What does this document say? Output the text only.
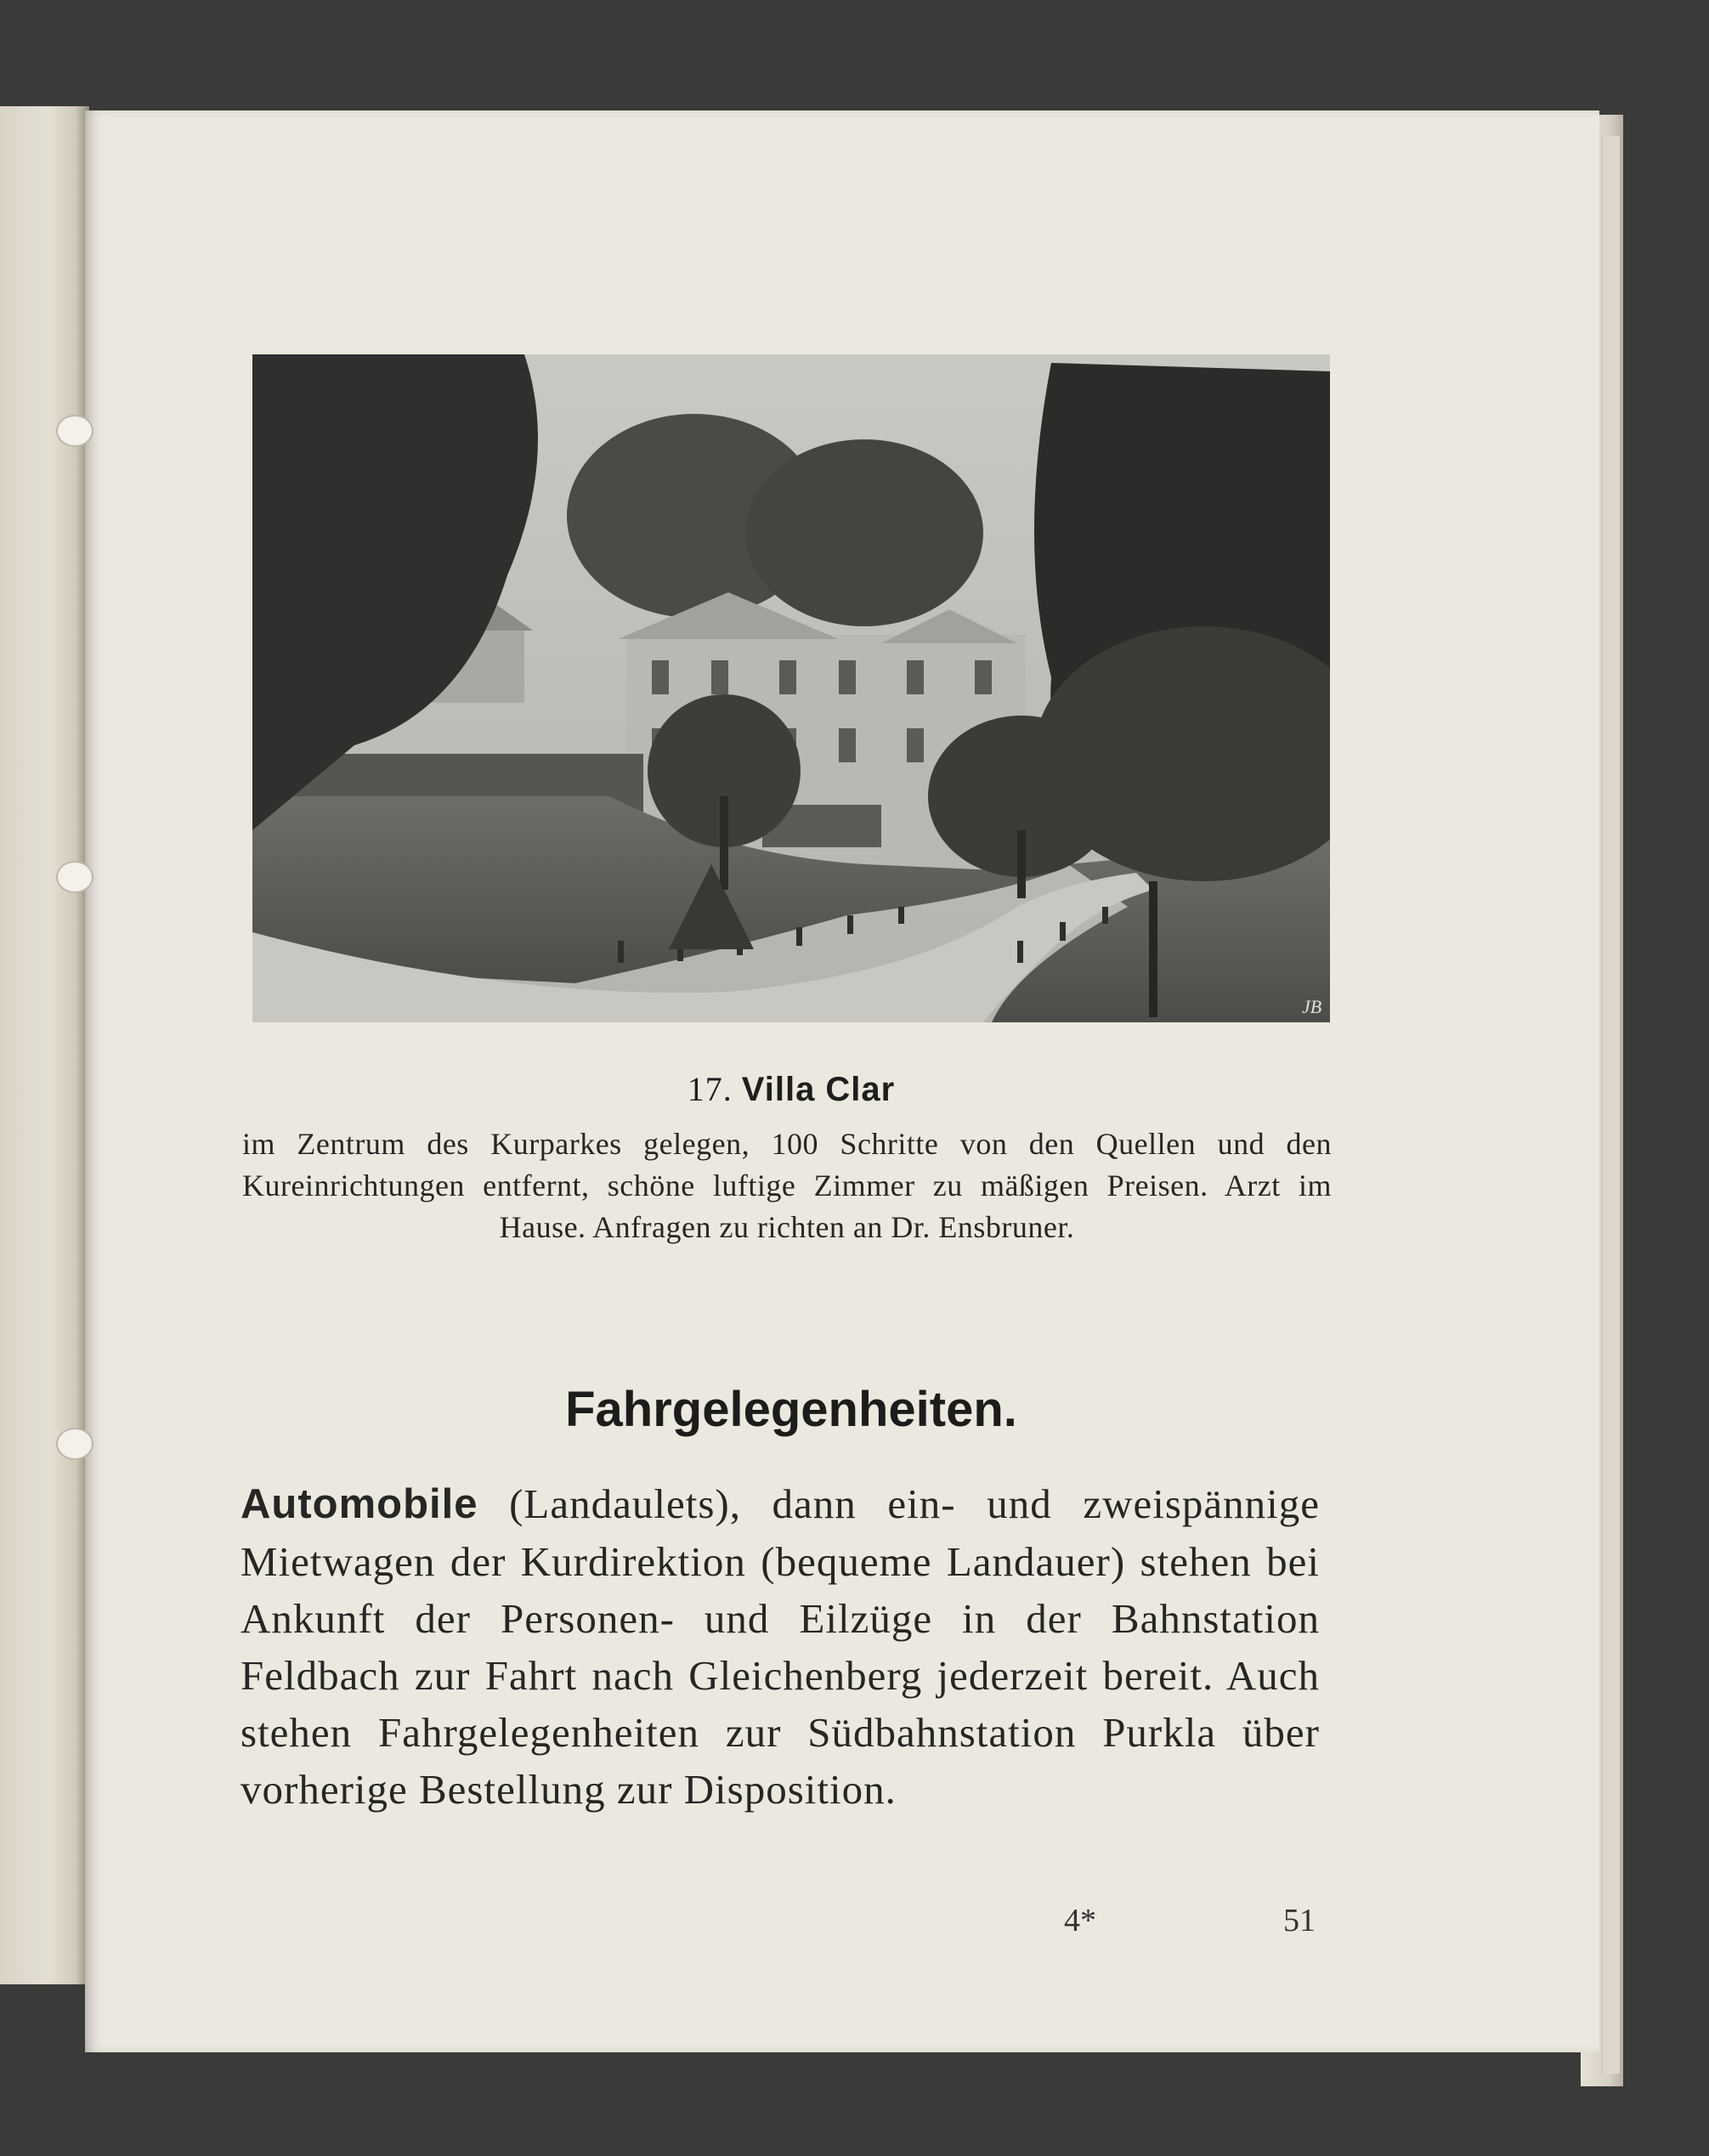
JB
17. Villa Clar
im Zentrum des Kurparkes gelegen, 100 Schritte von den Quellen und den Kureinrichtungen entfernt, schöne luftige Zimmer zu mäßigen Preisen. Arzt im Hause. Anfragen zu richten an Dr. Ensbruner.
Fahrgelegenheiten.
Automobile (Landaulets), dann ein- und zweispännige Mietwagen der Kurdirektion (bequeme Landauer) stehen bei Ankunft der Personen- und Eilzüge in der Bahnstation Feldbach zur Fahrt nach Gleichenberg jederzeit bereit. Auch stehen Fahrgelegenheiten zur Südbahnstation Purkla über vorherige Bestellung zur Disposition.
4*	51
